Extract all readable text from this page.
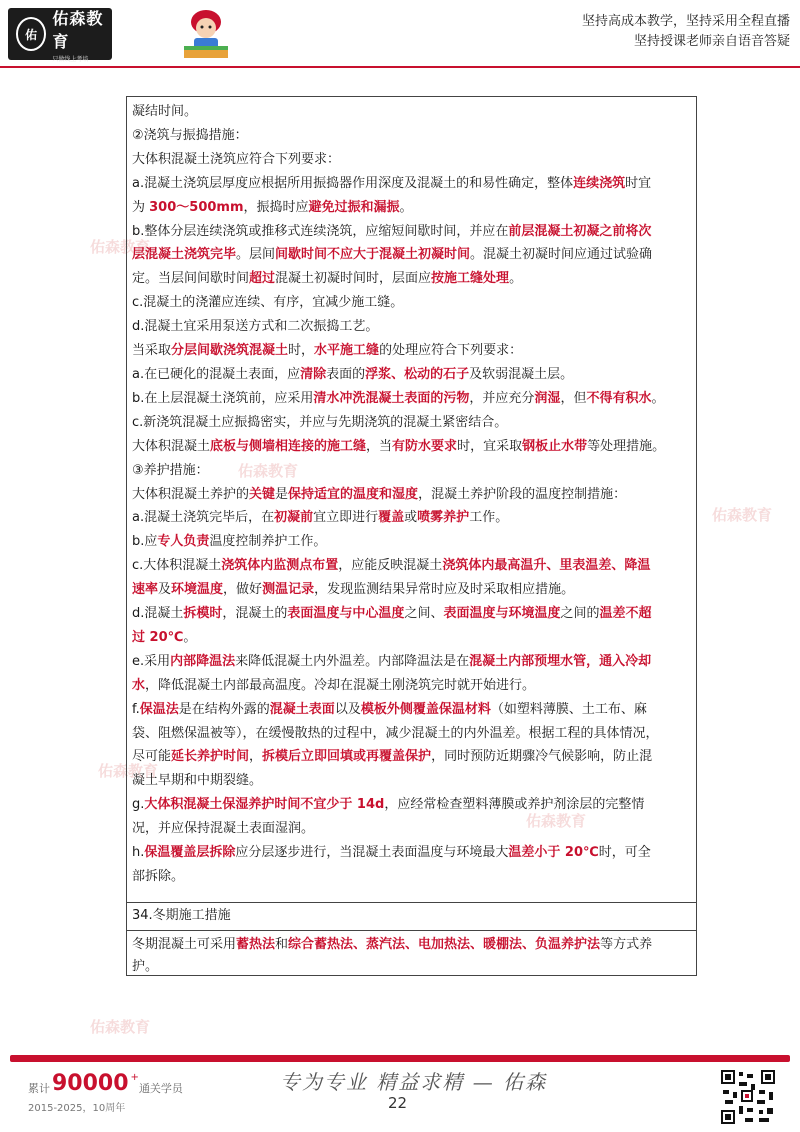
佑
佑森教育
只做线上考培
坚持高成本教学，坚持采用全程直播
坚持授课老师亲自语音答疑
佑森教育
佑森教育
佑森教育
佑森教育
佑森教育
佑森教育

凝结时间。

②浇筑与振捣措施：

大体积混凝土浇筑应符合下列要求：

a.混凝土浇筑层厚度应根据所用振捣器作用深度及混凝土的和易性确定，整体连续浇筑时宜

为 300～500mm，振捣时应避免过振和漏振。

b.整体分层连续浇筑或推移式连续浇筑，应缩短间歇时间，并应在前层混凝土初凝之前将次

层混凝土浇筑完毕。层间间歇时间不应大于混凝土初凝时间。混凝土初凝时间应通过试验确

定。当层间间歇时间超过混凝土初凝时间时，层面应按施工缝处理。

c.混凝土的浇灌应连续、有序，宜减少施工缝。

d.混凝土宜采用泵送方式和二次振捣工艺。

当采取分层间歇浇筑混凝土时，水平施工缝的处理应符合下列要求：

a.在已硬化的混凝土表面，应清除表面的浮浆、松动的石子及软弱混凝土层。

b.在上层混凝土浇筑前，应采用清水冲洗混凝土表面的污物，并应充分润湿，但不得有积水。

c.新浇筑混凝土应振捣密实，并应与先期浇筑的混凝土紧密结合。

大体积混凝土底板与侧墙相连接的施工缝，当有防水要求时，宜采取钢板止水带等处理措施。

③养护措施：

大体积混凝土养护的关键是保持适宜的温度和湿度，混凝土养护阶段的温度控制措施：

a.混凝土浇筑完毕后，在初凝前宜立即进行覆盖或喷雾养护工作。

b.应专人负责温度控制养护工作。

c.大体积混凝土浇筑体内监测点布置，应能反映混凝土浇筑体内最高温升、里表温差、降温

速率及环境温度，做好测温记录，发现监测结果异常时应及时采取相应措施。

d.混凝土拆模时，混凝土的表面温度与中心温度之间、表面温度与环境温度之间的温差不超

过 20℃。

e.采用内部降温法来降低混凝土内外温差。内部降温法是在混凝土内部预埋水管，通入冷却

水，降低混凝土内部最高温度。冷却在混凝土刚浇筑完时就开始进行。

f.保温法是在结构外露的混凝土表面以及模板外侧覆盖保温材料（如塑料薄膜、土工布、麻

袋、阻燃保温被等），在缓慢散热的过程中，减少混凝土的内外温差。根据工程的具体情况，

尽可能延长养护时间，拆模后立即回填或再覆盖保护，同时预防近期骤冷气候影响，防止混

凝土早期和中期裂缝。

g.大体积混凝土保湿养护时间不宜少于 14d，应经常检查塑料薄膜或养护剂涂层的完整情

况，并应保持混凝土表面湿润。

h.保温覆盖层拆除应分层逐步进行，当混凝土表面温度与环境最大温差小于 20℃时，可全

部拆除。

34.冬期施工措施

冬期混凝土可采用蓄热法和综合蓄热法、蒸汽法、电加热法、暖棚法、负温养护法等方式养

护。

累计 90000 +
通关学员
2015-2025，10周年
专为专业 精益求精 — 佑森
22
